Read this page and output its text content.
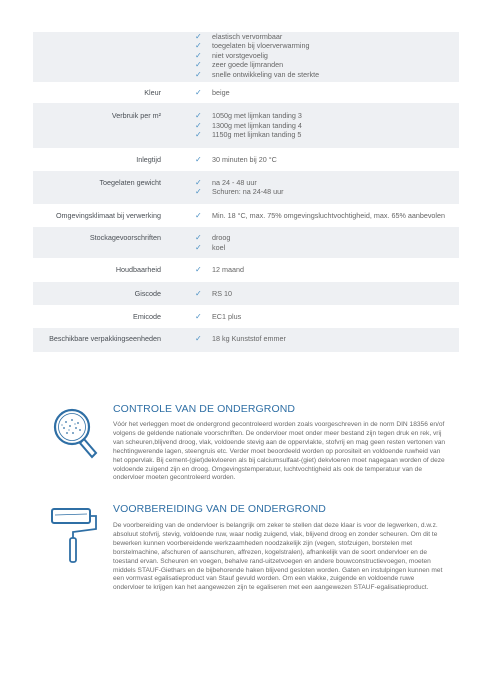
✓ elastisch vervormbaar
✓ toegelaten bij vloerverwarming
✓ niet vorstgevoelig
✓ zeer goede lijmranden
✓ snelle ontwikkeling van de sterkte
Kleur	✓ beige
Verbruik per m²	✓ 1050g met lijmkan tanding 3
✓ 1300g met lijmkan tanding 4
✓ 1150g met lijmkan tanding 5
Inlegtijd	✓ 30 minuten bij 20 °C
Toegelaten gewicht	✓ na 24 - 48 uur
✓ Schuren: na 24-48 uur
Omgevingsklimaat bij verwerking	✓ Min. 18 °C, max. 75% omgevingsluchtvochtigheid, max. 65% aanbevolen
Stockagevoorschriften	✓ droog
✓ koel
Houdbaarheid	✓ 12 maand
Giscode	✓ RS 10
Emicode	✓ EC1 plus
Beschikbare verpakkingseenheden	✓ 18 kg Kunststof emmer
CONTROLE VAN DE ONDERGROND

Vóór het verleggen moet de ondergrond gecontroleerd worden zoals voorgeschreven in de norm DIN 18356 en/of volgens de geldende nationale voorschriften. De ondervloer moet onder meer bestand zijn tegen druk en rek, vrij van scheuren,blijvend droog, vlak, voldoende stevig aan de oppervlakte, stofvrij en mag geen resten vertonen van hechtingwerende lagen, steengruis etc. Verder moet beoordeeld worden op porositeit en voldoende ruwheid van het oppervlak. Bij cement-(giet)dekvloeren als bij calciumsulfaat-(giet) dekvloeren moet nagegaan worden of deze voldoende zuigend zijn en droog. Omgevingstemperatuur, luchtvochtigheid als ook de temperatuur van de ondervloer moeten gecontroleerd worden.

VOORBEREIDING VAN DE ONDERGROND

De voorbereiding van de ondervloer is belangrijk om zeker te stellen dat deze klaar is voor de legwerken, d.w.z. absoluut stofvrij, stevig, voldoende ruw, waar nodig zuigend, vlak, blijvend droog en zonder scheuren. Om dit te bewerken kunnen voorbereidende werkzaamheden noodzakelijk zijn (vegen, stofzuigen, borstelen met borstelmachine, afschuren of aanschuren, affrezen, kogelstralen), afhankelijk van de soort ondervloer en de toestand ervan. Scheuren en voegen, behalve rand-uitzetvoegen en andere bouwconstructievoegen, moeten middels STAUF-Giethars en de bijbehorende haken blijvend gesloten worden. Gaten en instulpingen kunnen met een vormvast egalisatieproduct van Stauf gevuld worden. Om een vlakke, zuigende en voldoende ruwe ondervloer te krijgen kan het aangewezen zijn te egaliseren met een aangewezen STAUF-egalisatieproduct.
